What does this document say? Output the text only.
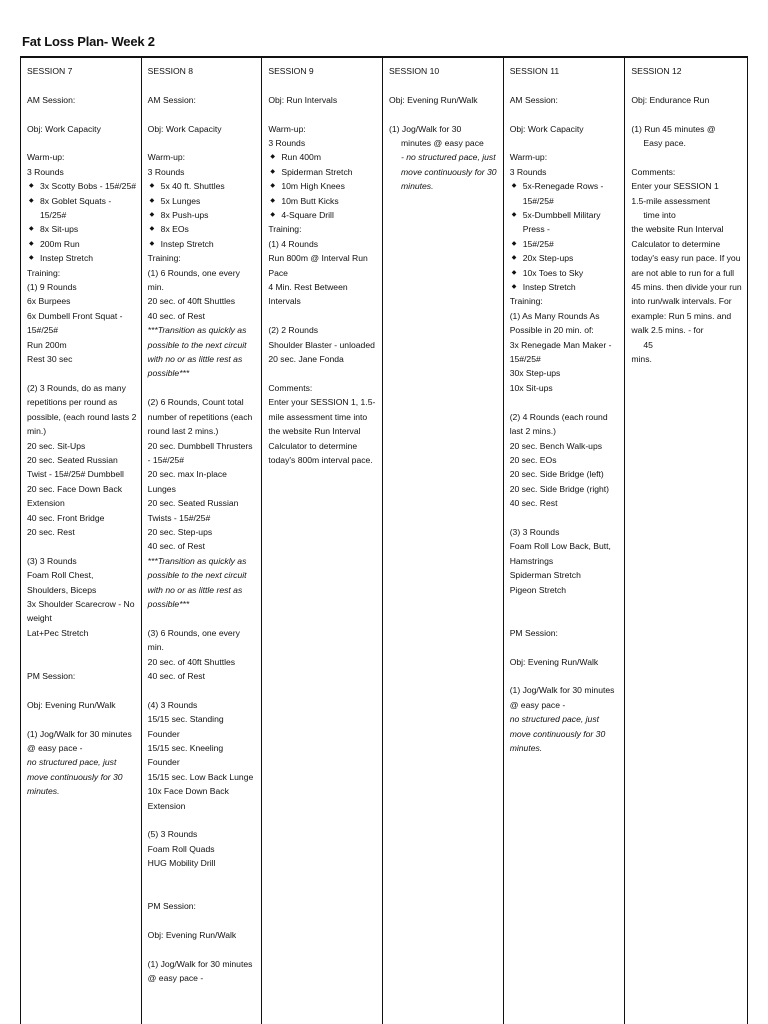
Fat Loss Plan- Week 2

SESSION 7

AM Session:

Obj: Work Capacity

Warm-up:

3 Rounds

◆ 3x Scotty Bobs - 15#/25#

◆ 8x Goblet Squats - 15/25#

◆ 8x Sit-ups

◆ 200m Run

◆ Instep Stretch

Training:

(1) 9 Rounds

6x Burpees

6x Dumbell Front Squat - 15#/25#

Run 200m

Rest 30 sec

(2) 3 Rounds, do as many repetitions per round as possible, (each round lasts 2 min.)

20 sec. Sit-Ups

20 sec. Seated Russian Twist - 15#/25# Dumbbell

20 sec. Face Down Back Extension

40 sec. Front Bridge

20 sec. Rest

(3) 3 Rounds

Foam Roll Chest, Shoulders, Biceps

3x Shoulder Scarecrow - No weight

Lat+Pec Stretch

PM Session:

Obj: Evening Run/Walk

(1) Jog/Walk for 30 minutes @ easy pace -

no structured pace, just move continuously for 30 minutes.

SESSION 8

AM Session:

Obj: Work Capacity

Warm-up:

3 Rounds

◆ 5x 40 ft. Shuttles

◆ 5x Lunges

◆ 8x Push-ups

◆ 8x EOs

◆ Instep Stretch

Training:

(1) 6 Rounds, one every min.

20 sec. of 40ft Shuttles

40 sec. of Rest

***Transition as quickly as possible to the next circuit with no or as little rest as possible***

(2) 6 Rounds, Count total number of repetitions (each round last 2 mins.)

20 sec. Dumbbell Thrusters - 15#/25#

20 sec. max In-place Lunges

20 sec. Seated Russian Twists - 15#/25#

20 sec. Step-ups

40 sec. of Rest

***Transition as quickly as possible to the next circuit with no or as little rest as possible***

(3) 6 Rounds, one every min.

20 sec. of 40ft Shuttles

40 sec. of Rest

(4) 3 Rounds

15/15 sec. Standing Founder

15/15 sec. Kneeling Founder

15/15 sec. Low Back Lunge

10x Face Down Back Extension

(5) 3 Rounds

Foam Roll Quads

HUG Mobility Drill

PM Session:

Obj: Evening Run/Walk

(1) Jog/Walk for 30 minutes @ easy pace -

SESSION 9

Obj: Run Intervals

Warm-up:

3 Rounds

◆ Run 400m

◆ Spiderman Stretch

◆ 10m High Knees

◆ 10m Butt Kicks

◆ 4-Square Drill

Training:

(1) 4 Rounds

Run 800m @ Interval Run Pace

4 Min. Rest Between Intervals

(2) 2 Rounds

Shoulder Blaster - unloaded

20 sec. Jane Fonda

Comments:

Enter your SESSION 1, 1.5-mile assessment time into

the website Run Interval Calculator to determine today's 800m interval pace.

SESSION 10

Obj: Evening Run/Walk

(1) Jog/Walk for 30

minutes @ easy pace

- no structured pace, just move continuously for 30 minutes.

SESSION 11

AM Session:

Obj: Work Capacity

Warm-up:

3 Rounds

◆ 5x-Renegade Rows - 15#/25#

◆ 5x-Dumbbell Military Press -

◆ 15#/25#

◆ 20x Step-ups

◆ 10x Toes to Sky

◆ Instep Stretch

Training:

(1) As Many Rounds As Possible in 20 min. of:

3x Renegade Man Maker -

15#/25#

30x Step-ups

10x Sit-ups

(2) 4 Rounds (each round last 2 mins.)

20 sec. Bench Walk-ups

20 sec. EOs

20 sec. Side Bridge (left)

20 sec. Side Bridge (right)

40 sec. Rest

(3) 3 Rounds

Foam Roll Low Back, Butt, Hamstrings

Spiderman Stretch

Pigeon Stretch

PM Session:

Obj: Evening Run/Walk

(1) Jog/Walk for 30 minutes @ easy pace -

no structured pace, just move continuously for 30 minutes.

SESSION 12

Obj: Endurance Run

(1) Run 45 minutes @

Easy pace.

Comments:

Enter your SESSION 1

1.5-mile assessment

time into

the website Run Interval Calculator to determine today's easy run pace. If you are not able to run for a full 45 mins. then divide your run into run/walk intervals. For example: Run 5 mins. and walk 2.5 mins. - for

45

mins.
